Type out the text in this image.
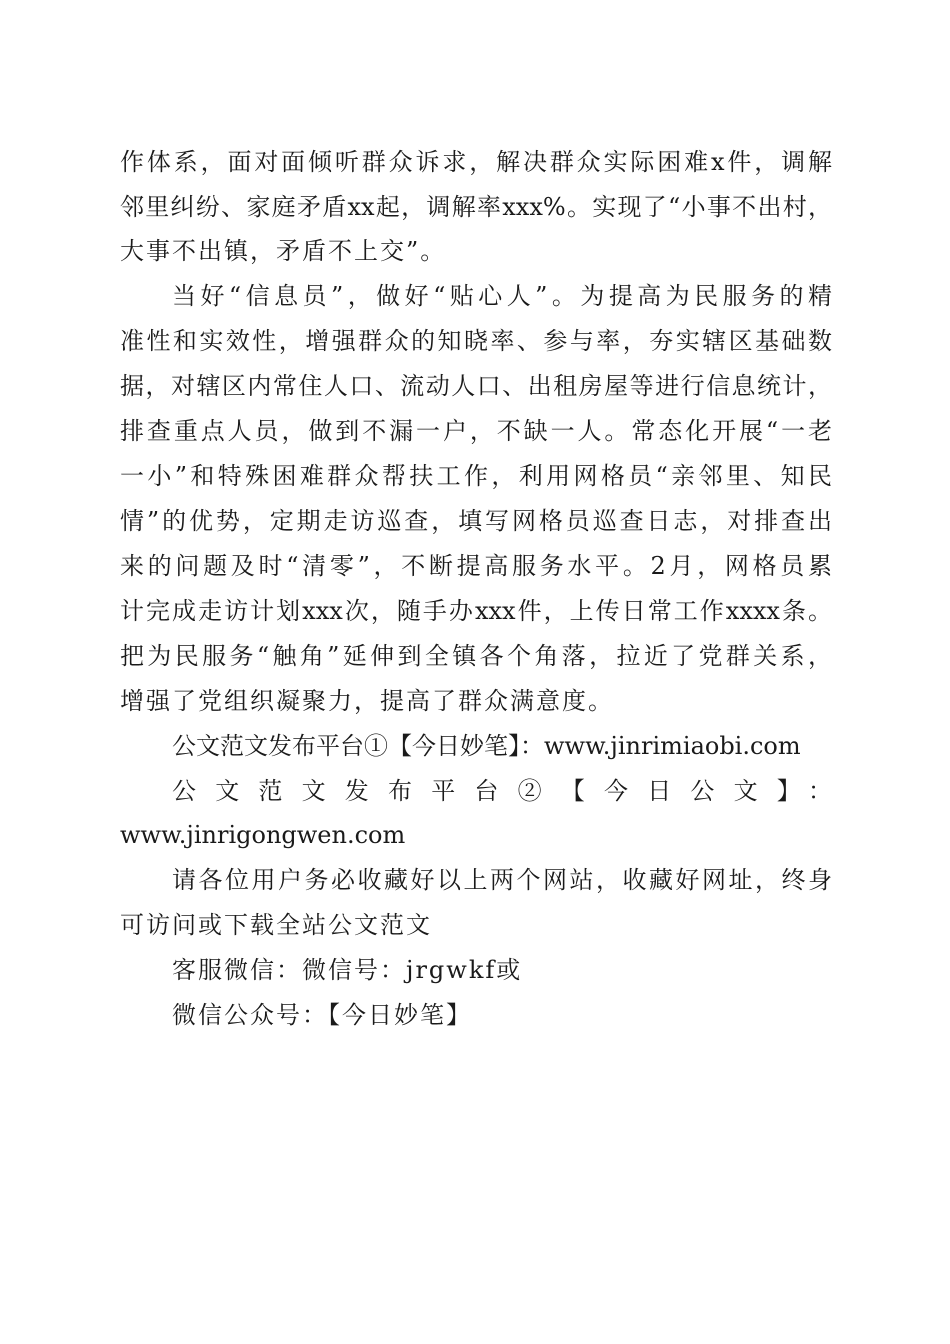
作体系，面对面倾听群众诉求，解决群众实际困难x件，调解
邻里纠纷、家庭矛盾xx起，调解率xxx%。实现了“小事不出村，
大事不出镇，矛盾不上交”。
当好“信息员”，做好“贴心人”。为提高为民服务的精
准性和实效性，增强群众的知晓率、参与率，夯实辖区基础数
据，对辖区内常住人口、流动人口、出租房屋等进行信息统计，
排查重点人员，做到不漏一户，不缺一人。常态化开展“一老
一小”和特殊困难群众帮扶工作，利用网格员“亲邻里、知民
情”的优势，定期走访巡查，填写网格员巡查日志，对排查出
来的问题及时“清零”，不断提高服务水平。2月，网格员累
计完成走访计划xxx次，随手办xxx件，上传日常工作xxxx条。
把为民服务“触角”延伸到全镇各个角落，拉近了党群关系，
增强了党组织凝聚力，提高了群众满意度。
公文范文发布平台①【今日妙笔】：www.jinrimiaobi.com
公文范文发布平台②【今日公文】：
www.jinrigongwen.com
请各位用户务必收藏好以上两个网站，收藏好网址，终身
可访问或下载全站公文范文
客服微信：微信号：jrgwkf或
微信公众号：【今日妙笔】
